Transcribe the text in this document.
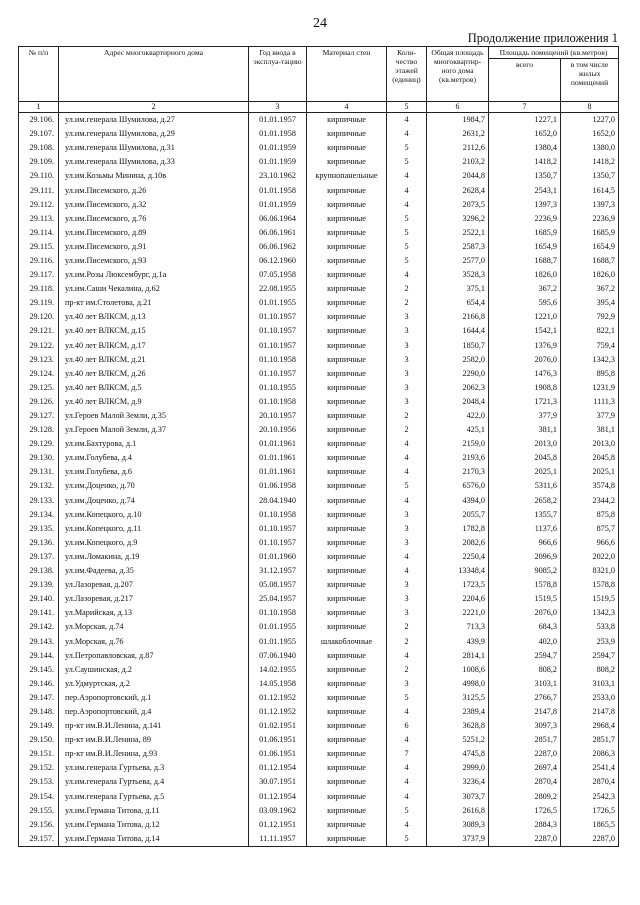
24
Продолжение приложения 1
№ п/п	Адрес многоквартирного дома	Год ввода в эксплуа-тацию	Материал стен	Коли-чество этажей (единиц)	Общая площадь многоквартир-ного дома (кв.метров)	Площадь помещений (кв.метров)	
						всего	в том числе жилых помещений
1	2	3	4	5	6	7	8
29.106.	ул.им.генерала Шумилова, д.27	01.01.1957	кирпичные	4	1984,7	1227,1	1227,0
29.107.	ул.им.генерала Шумилова, д.29	01.01.1958	кирпичные	4	2631,2	1652,0	1652,0
29.108.	ул.им.генерала Шумилова, д.31	01.01.1959	кирпичные	5	2112,6	1380,4	1380,0
29.109.	ул.им.генерала Шумилова, д.33	01.01.1959	кирпичные	5	2103,2	1418,2	1418,2
29.110.	ул.им.Козьмы Минина, д.10в	23.10.1962	крупнопанельные	4	2044,8	1350,7	1350,7
29.111.	ул.им.Писемского, д.26	01.01.1958	кирпичные	4	2628,4	2543,1	1614,5
29.112.	ул.им.Писемского, д.32	01.01.1959	кирпичные	4	2073,5	1397,3	1397,3
29.113.	ул.им.Писемского, д.76	06.06.1964	кирпичные	5	3296,2	2236,9	2236,9
29.114.	ул.им.Писемского, д.89	06.06.1961	кирпичные	5	2522,1	1685,9	1685,9
29.115.	ул.им.Писемского, д.91	06.06.1962	кирпичные	5	2587,3	1654,9	1654,9
29.116.	ул.им.Писемского, д.93	06.12.1960	кирпичные	5	2577,0	1688,7	1688,7
29.117.	ул.им.Розы Люксембург, д.1а	07.05.1958	кирпичные	4	3528,3	1826,0	1826,0
29.118.	ул.им.Саши Чекалина, д.62	22.08.1955	кирпичные	2	375,1	367,2	367,2
29.119.	пр-кт им.Столетова, д.21	01.01.1955	кирпичные	2	654,4	595,6	395,4
29.120.	ул.40 лет ВЛКСМ, д.13	01.10.1957	кирпичные	3	2166,8	1221,0	792,9
29.121.	ул.40 лет ВЛКСМ, д.15	01.10.1957	кирпичные	3	1644,4	1542,1	822,1
29.122.	ул.40 лет ВЛКСМ, д.17	01.10.1957	кирпичные	3	1850,7	1376,9	759,4
29.123.	ул.40 лет ВЛКСМ, д.21	01.10.1958	кирпичные	3	2582,0	2076,0	1342,3
29.124.	ул.40 лет ВЛКСМ, д.26	01.10.1957	кирпичные	3	2290,0	1476,3	895,8
29.125.	ул.40 лет ВЛКСМ, д.5	01.10.1955	кирпичные	3	2062,3	1908,8	1231,9
29.126.	ул.40 лет ВЛКСМ, д.9	01.10.1958	кирпичные	3	2048,4	1721,3	1111,3
29.127.	ул.Героев Малой Земли, д.35	20.10.1957	кирпичные	2	422,0	377,9	377,9
29.128.	ул.Героев Малой Земли, д.37	20.10.1956	кирпичные	2	425,1	381,1	381,1
29.129.	ул.им.Бахтурова, д.1	01.01.1961	кирпичные	4	2159,0	2013,0	2013,0
29.130.	ул.им.Голубева, д.4	01.01.1961	кирпичные	4	2193,6	2045,8	2045,8
29.131.	ул.им.Голубева, д.6	01.01.1961	кирпичные	4	2170,3	2025,1	2025,1
29.132.	ул.им.Доценко, д.70	01.06.1958	кирпичные	5	6576,0	5311,6	3574,8
29.133.	ул.им.Доценко, д.74	28.04.1940	кирпичные	4	4394,0	2658,2	2344,2
29.134.	ул.им.Копецкого, д.10	01.10.1958	кирпичные	3	2055,7	1355,7	875,8
29.135.	ул.им.Копецкого, д.11	01.10.1957	кирпичные	3	1782,8	1137,6	875,7
29.136.	ул.им.Копецкого, д.9	01.10.1957	кирпичные	3	2082,6	966,6	966,6
29.137.	ул.им.Ломакина, д.19	01.01.1960	кирпичные	4	2250,4	2096,9	2022,0
29.138.	ул.им.Фадеева, д.35	31.12.1957	кирпичные	4	13348,4	9085,2	8321,0
29.139.	ул.Лазоревая, д.207	05.08.1957	кирпичные	3	1723,5	1578,8	1578,8
29.140.	ул.Лазоревая, д.217	25.04.1957	кирпичные	3	2204,6	1519,5	1519,5
29.141.	ул.Марийская, д.13	01.10.1958	кирпичные	3	2221,0	2076,0	1342,3
29.142.	ул.Морская, д.74	01.01.1955	кирпичные	2	713,3	684,3	533,8
29.143.	ул.Морская, д.76	01.01.1955	шлакоблочные	2	439,9	402,0	253,9
29.144.	ул.Петропавловская, д.87	07.06.1940	кирпичные	4	2814,1	2594,7	2594,7
29.145.	ул.Саушинская, д.2	14.02.1955	кирпичные	2	1008,6	808,2	808,2
29.146.	ул.Удмуртская, д.2	14.05.1958	кирпичные	3	4998,0	3103,1	3103,1
29.147.	пер.Аэропортовский, д.1	01.12.1952	кирпичные	5	3125,5	2766,7	2533,0
29.148.	пер.Аэропортовский, д.4	01.12.1952	кирпичные	4	2389,4	2147,8	2147,8
29.149.	пр-кт им.В.И.Ленина, д.141	01.02.1951	кирпичные	6	3628,8	3097,3	2968,4
29.150.	пр-кт им.В.И.Ленина, 89	01.06.1951	кирпичные	4	5251,2	2851,7	2851,7
29.151.	пр-кт им.В.И.Ленина, д.93	01.06.1951	кирпичные	7	4745,8	2287,0	2086,3
29.152.	ул.им.генерала Гуртьева, д.3	01.12.1954	кирпичные	4	2999,0	2697,4	2541,4
29.153.	ул.им.генерала Гуртьева, д.4	30.07.1951	кирпичные	4	3236,4	2870,4	2870,4
29.154.	ул.им.генерала Гуртьева, д.5	01.12.1954	кирпичные	4	3073,7	2809,2	2542,3
29.155.	ул.им.Германа Титова, д.11	03.09.1962	кирпичные	5	2616,8	1726,5	1726,5
29.156.	ул.им.Германа Титова, д.12	01.12.1951	кирпичные	4	3089,3	2884,3	1865,5
29.157.	ул.им.Германа Титова, д.14	11.11.1957	кирпичные	5	3737,9	2287,0	2287,0
